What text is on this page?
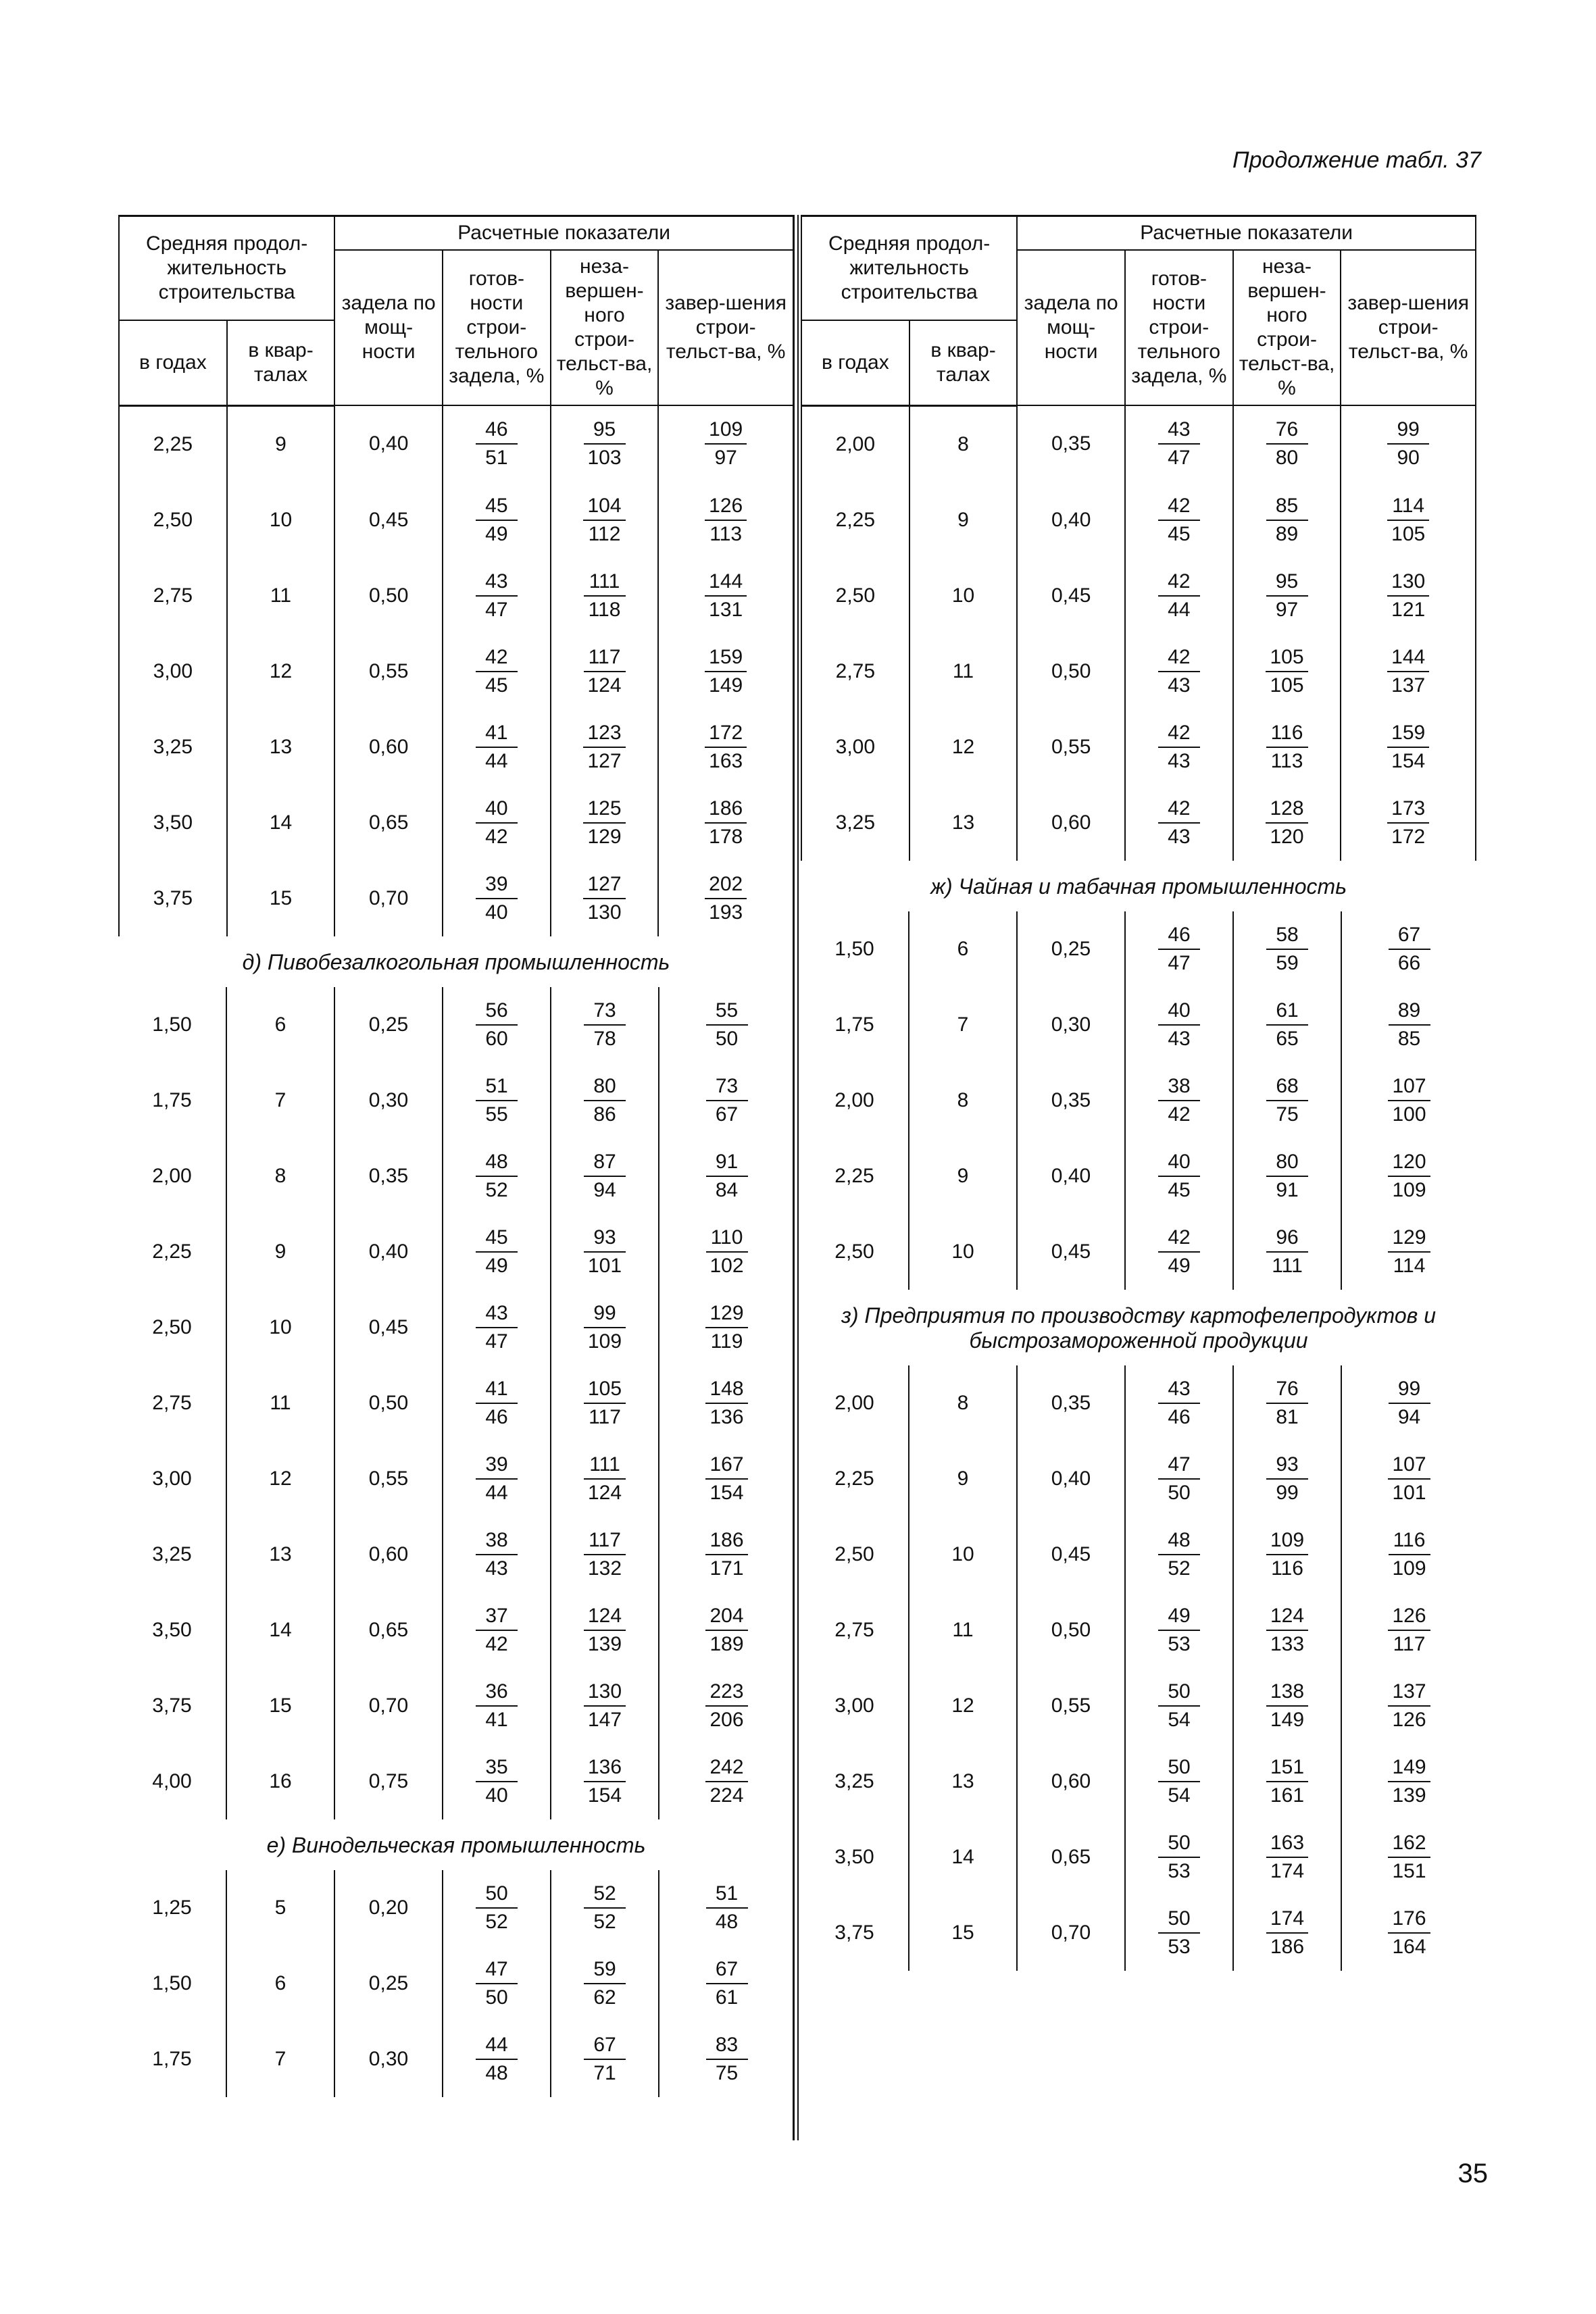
Продолжение табл. 37
Средняя продол-жительность строительства		Расчетные показатели			
		задела по мощ-ности	готов-ности строи-тельного задела, %	неза-вершен-ного строи-тельст-ва, %	завер-шения строи-тельст-ва, %
в годах	в квар-талах				
2,25	9	0,40	$\frac{46}{51}$	$\frac{95}{103}$	$\frac{109}{97}$

2,50	10	0,45	$\frac{45}{49}$	$\frac{104}{112}$	$\frac{126}{113}$

2,75	11	0,50	$\frac{43}{47}$	$\frac{111}{118}$	$\frac{144}{131}$

3,00	12	0,55	$\frac{42}{45}$	$\frac{117}{124}$	$\frac{159}{149}$

3,25	13	0,60	$\frac{41}{44}$	$\frac{123}{127}$	$\frac{172}{163}$

3,50	14	0,65	$\frac{40}{42}$	$\frac{125}{129}$	$\frac{186}{178}$

3,75	15	0,70	$\frac{39}{40}$	$\frac{127}{130}$	$\frac{202}{193}$
д) Пивобезалкогольная промышленность
1,50	6	0,25	$\frac{56}{60}$	$\frac{73}{78}$	$\frac{55}{50}$

1,75	7	0,30	$\frac{51}{55}$	$\frac{80}{86}$	$\frac{73}{67}$

2,00	8	0,35	$\frac{48}{52}$	$\frac{87}{94}$	$\frac{91}{84}$

2,25	9	0,40	$\frac{45}{49}$	$\frac{93}{101}$	$\frac{110}{102}$

2,50	10	0,45	$\frac{43}{47}$	$\frac{99}{109}$	$\frac{129}{119}$

2,75	11	0,50	$\frac{41}{46}$	$\frac{105}{117}$	$\frac{148}{136}$

3,00	12	0,55	$\frac{39}{44}$	$\frac{111}{124}$	$\frac{167}{154}$

3,25	13	0,60	$\frac{38}{43}$	$\frac{117}{132}$	$\frac{186}{171}$

3,50	14	0,65	$\frac{37}{42}$	$\frac{124}{139}$	$\frac{204}{189}$

3,75	15	0,70	$\frac{36}{41}$	$\frac{130}{147}$	$\frac{223}{206}$

4,00	16	0,75	$\frac{35}{40}$	$\frac{136}{154}$	$\frac{242}{224}$
е) Винодельческая промышленность
1,25	5	0,20	$\frac{50}{52}$	$\frac{52}{52}$	$\frac{51}{48}$

1,50	6	0,25	$\frac{47}{50}$	$\frac{59}{62}$	$\frac{67}{61}$

1,75	7	0,30	$\frac{44}{48}$	$\frac{67}{71}$	$\frac{83}{75}$
Средняя продол-жительность строительства		Расчетные показатели			
		задела по мощ-ности	готов-ности строи-тельного задела, %	неза-вершен-ного строи-тельст-ва, %	завер-шения строи-тельст-ва, %
в годах	в квар-талах				
2,00	8	0,35	$\frac{43}{47}$	$\frac{76}{80}$	$\frac{99}{90}$

2,25	9	0,40	$\frac{42}{45}$	$\frac{85}{89}$	$\frac{114}{105}$

2,50	10	0,45	$\frac{42}{44}$	$\frac{95}{97}$	$\frac{130}{121}$

2,75	11	0,50	$\frac{42}{43}$	$\frac{105}{105}$	$\frac{144}{137}$

3,00	12	0,55	$\frac{42}{43}$	$\frac{116}{113}$	$\frac{159}{154}$

3,25	13	0,60	$\frac{42}{43}$	$\frac{128}{120}$	$\frac{173}{172}$
ж) Чайная и табачная промышленность
1,50	6	0,25	$\frac{46}{47}$	$\frac{58}{59}$	$\frac{67}{66}$

1,75	7	0,30	$\frac{40}{43}$	$\frac{61}{65}$	$\frac{89}{85}$

2,00	8	0,35	$\frac{38}{42}$	$\frac{68}{75}$	$\frac{107}{100}$

2,25	9	0,40	$\frac{40}{45}$	$\frac{80}{91}$	$\frac{120}{109}$

2,50	10	0,45	$\frac{42}{49}$	$\frac{96}{111}$	$\frac{129}{114}$
з) Предприятия по производству картофелепродуктов и быстрозамороженной продукции
2,00	8	0,35	$\frac{43}{46}$	$\frac{76}{81}$	$\frac{99}{94}$

2,25	9	0,40	$\frac{47}{50}$	$\frac{93}{99}$	$\frac{107}{101}$

2,50	10	0,45	$\frac{48}{52}$	$\frac{109}{116}$	$\frac{116}{109}$

2,75	11	0,50	$\frac{49}{53}$	$\frac{124}{133}$	$\frac{126}{117}$

3,00	12	0,55	$\frac{50}{54}$	$\frac{138}{149}$	$\frac{137}{126}$

3,25	13	0,60	$\frac{50}{54}$	$\frac{151}{161}$	$\frac{149}{139}$

3,50	14	0,65	$\frac{50}{53}$	$\frac{163}{174}$	$\frac{162}{151}$

3,75	15	0,70	$\frac{50}{53}$	$\frac{174}{186}$	$\frac{176}{164}$
35
